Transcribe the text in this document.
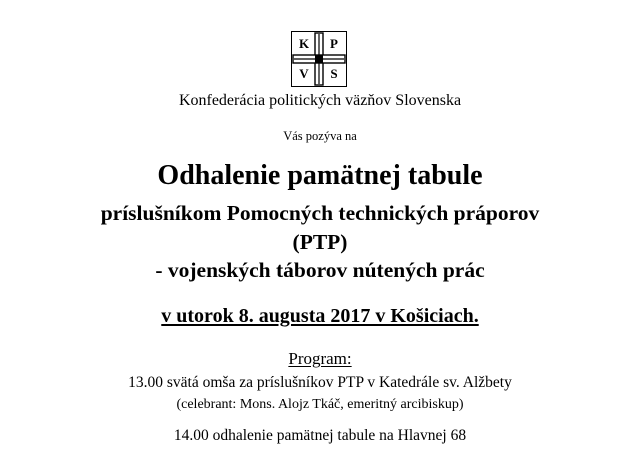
K P
V S
Konfederácia politických väzňov Slovenska
Vás pozýva na
Odhalenie pamätnej tabule
príslušníkom Pomocných technických práporov
(PTP)
- vojenských táborov nútených prác
v utorok 8. augusta 2017 v Košiciach.
Program:
13.00 svätá omša za príslušníkov PTP v Katedrále sv. Alžbety
(celebrant: Mons. Alojz Tkáč, emeritný arcibiskup)
14.00 odhalenie pamätnej tabule na Hlavnej 68
